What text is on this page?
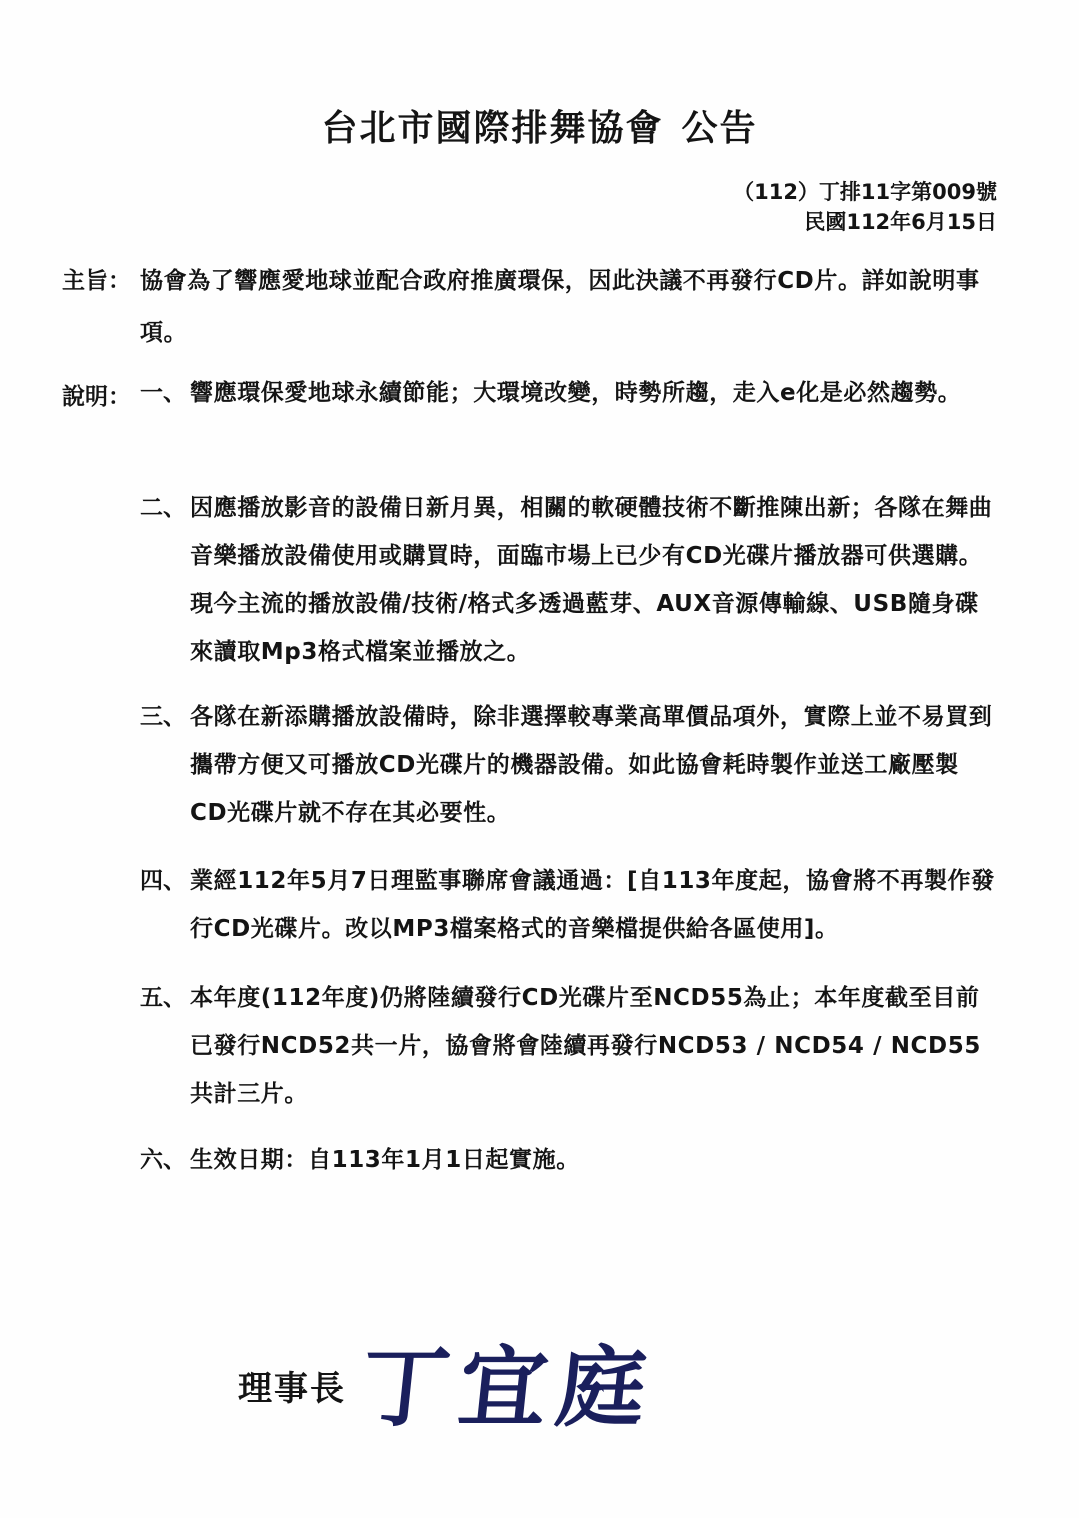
台北市國際排舞協會 公告
（112）丁排11字第009號
民國112年6月15日
主旨： 協會為了響應愛地球並配合政府推廣環保，因此決議不再發行CD片。詳如說明事項。
說明： 一、 響應環保愛地球永續節能；大環境改變，時勢所趨，走入e化是必然趨勢。
二、 因應播放影音的設備日新月異，相關的軟硬體技術不斷推陳出新；各隊在舞曲音樂播放設備使用或購買時，面臨市場上已少有CD光碟片播放器可供選購。現今主流的播放設備/技術/格式多透過藍芽、AUX音源傳輸線、USB隨身碟來讀取Mp3格式檔案並播放之。
三、 各隊在新添購播放設備時，除非選擇較專業高單價品項外，實際上並不易買到攜帶方便又可播放CD光碟片的機器設備。如此協會耗時製作並送工廠壓製　CD光碟片就不存在其必要性。
四、 業經112年5月7日理監事聯席會議通過：[自113年度起，協會將不再製作發行CD光碟片。改以MP3檔案格式的音樂檔提供給各區使用]。
五、 本年度(112年度)仍將陸續發行CD光碟片至NCD55為止；本年度截至目前已發行NCD52共一片，協會將會陸續再發行NCD53 / NCD54 / NCD55共計三片。
六、 生效日期：自113年1月1日起實施。
理事長 丁宜庭
